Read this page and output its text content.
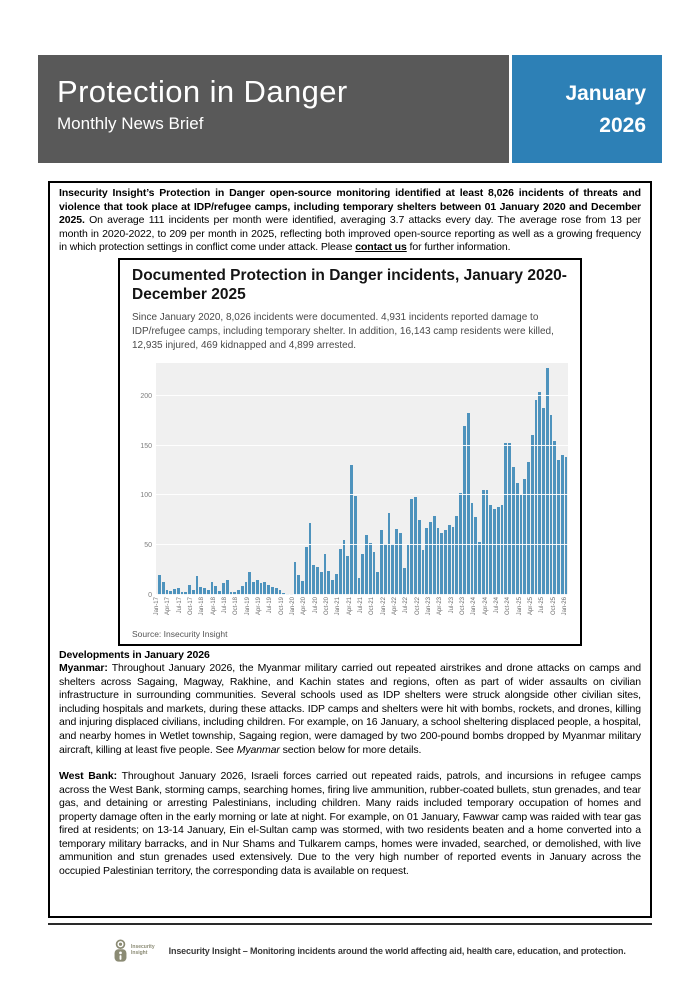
Protection in Danger
Monthly News Brief
January
2026

Insecurity Insight’s Protection in Danger open-source monitoring identified at least 8,026 incidents of threats and violence that took place at IDP/refugee camps, including temporary shelters between 01 January 2020 and December 2025. On average 111 incidents per month were identified, averaging 3.7 attacks every day. The average rose from 13 per month in 2020-2022, to 209 per month in 2025, reflecting both improved open-source reporting as well as a growing frequency in which protection settings in conflict come under attack. Please contact us for further information.

Documented Protection in Danger incidents, January 2020-December 2025
Since January 2020, 8,026 incidents were documented. 4,931 incidents reported damage to IDP/refugee camps, including temporary shelter. In addition, 16,143 camp residents were killed, 12,935 injured, 469 kidnapped and 4,899 arrested.
Jan-17 Apr-17 Jul-17 Oct-17 Jan-18 Apr-18 Jul-18 Oct-18 Jan-19 Apr-19 Jul-19 Oct-19 Jan-20 Apr-20 Jul-20 Oct-20 Jan-21 Apr-21 Jul-21 Oct-21 Jan-22 Apr-22 Jul-22 Oct-22 Jan-23 Apr-23 Jul-23 Oct-23 Jan-24 Apr-24 Jul-24 Oct-24 Jan-25 Apr-25 Jul-25 Oct-25 Jan-26
0
50
100
150
200
Source: Insecurity Insight
Developments in January 2026

Myanmar: Throughout January 2026, the Myanmar military carried out repeated airstrikes and drone attacks on camps and shelters across Sagaing, Magway, Rakhine, and Kachin states and regions, often as part of wider assaults on civilian infrastructure in surrounding communities. Several schools used as IDP shelters were struck alongside other civilian sites, including hospitals and markets, during these attacks. IDP camps and shelters were hit with bombs, rockets, and drones, killing and injuring displaced civilians, including children. For example, on 16 January, a school sheltering displaced people, a hospital, and nearby homes in Wetlet township, Sagaing region, were damaged by two 200-pound bombs dropped by Myanmar military aircraft, killing at least five people. See Myanmar section below for more details.

West Bank: Throughout January 2026, Israeli forces carried out repeated raids, patrols, and incursions in refugee camps across the West Bank, storming camps, searching homes, firing live ammunition, rubber-coated bullets, stun grenades, and tear gas, and detaining or arresting Palestinians, including children. Many raids included temporary occupation of homes and property damage often in the early morning or late at night. For example, on 01 January, Fawwar camp was raided with tear gas fired at residents; on 13-14 January, Ein el-Sultan camp was stormed, with two residents beaten and a home converted into a temporary military barracks, and in Nur Shams and Tulkarem camps, homes were invaded, searched, or demolished, with live ammunition and stun grenades used extensively. Due to the very high number of reported events in January across the occupied Palestinian territory, the corresponding data is available on request.

Insecurity
Insight	Insecurity Insight – Monitoring incidents around the world affecting aid, health care, education, and protection.
